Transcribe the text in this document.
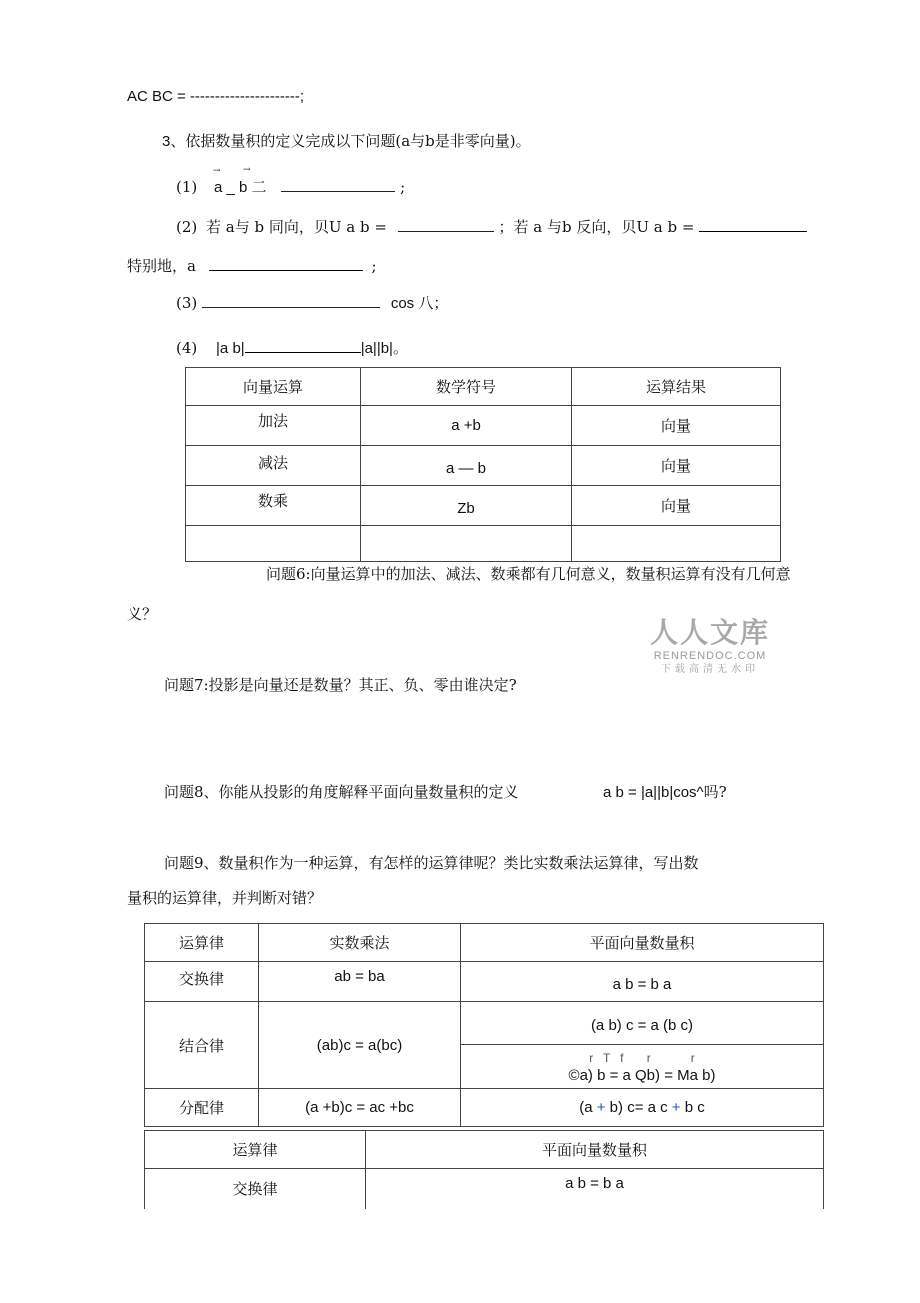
AC BC = ----------------------;
3、依据数量积的定义完成以下问题(a与b是非零向量)。
→ →
(1) a _ b 二	;
(2) 若 a与 b 同向，贝U a b =	；若 a 与b 反向，贝U a b =
特别地，a	;
(3)	cos 八；
(4) |a b|	|a||b|。
向量运算	数学符号	运算结果
加法	a +b	向量
减法	a — b	向量
数乘	Zb	向量

问题6:向量运算中的加法、减法、数乘都有几何意义，数量积运算有没有几何意
义？
人人文库
RENRENDOC.COM
下载高清无水印
问题7:投影是向量还是数量？其正、负、零由谁决定?
问题8、你能从投影的角度解释平面向量数量积的定义	a b = |a||b|cos^吗?
问题9、数量积作为一种运算，有怎样的运算律呢？类比实数乘法运算律，写出数
量积的运算律，并判断对错？
运算律	实数乘法	平面向量数量积
交换律	ab = ba	a b = b a
结合律	(ab)c = a(bc)	(a b) c = a (b c)

		r   T   f       r            r
©a) b = a Qb) = Ma b)

分配律	(a +b)c = ac +bc	(a + b) c= a c + b c
运算律	平面向量数量积
交换律	a b = b a
